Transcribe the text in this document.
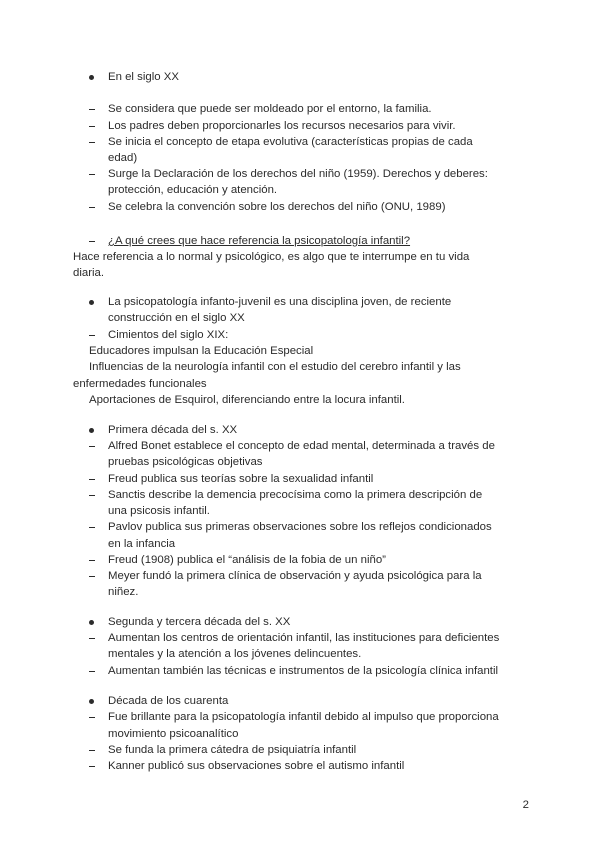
En el siglo XX
Se considera que puede ser moldeado por el entorno, la familia.
Los padres deben proporcionarles los recursos necesarios para vivir.
Se inicia el concepto de etapa evolutiva (características propias de cada
edad)
Surge la Declaración de los derechos del niño (1959). Derechos y deberes:
protección, educación y atención.
Se celebra la convención sobre los derechos del niño (ONU, 1989)
¿A qué crees que hace referencia la psicopatología infantil?
Hace referencia a lo normal y psicológico, es algo que te interrumpe en tu vida
diaria.
La psicopatología infanto-juvenil es una disciplina joven, de reciente
construcción en el siglo XX
Cimientos del siglo XIX:
Educadores impulsan la Educación Especial
Influencias de la neurología infantil con el estudio del cerebro infantil y las
enfermedades funcionales
Aportaciones de Esquirol, diferenciando entre la locura infantil.
Primera década del s. XX
Alfred Bonet establece el concepto de edad mental, determinada a través de
pruebas psicológicas objetivas
Freud publica sus teorías sobre la sexualidad infantil
Sanctis describe la demencia precocísima como la primera descripción de
una psicosis infantil.
Pavlov publica sus primeras observaciones sobre los reflejos condicionados
en la infancia
Freud (1908) publica el “análisis de la fobia de un niño”
Meyer fundó la primera clínica de observación y ayuda psicológica para la
niñez.
Segunda y tercera década del s. XX
Aumentan los centros de orientación infantil, las instituciones para deficientes
mentales y la atención a los jóvenes delincuentes.
Aumentan también las técnicas e instrumentos de la psicología clínica infantil
Década de los cuarenta
Fue brillante para la psicopatología infantil debido al impulso que proporciona
movimiento psicoanalítico
Se funda la primera cátedra de psiquiatría infantil
Kanner publicó sus observaciones sobre el autismo infantil
2
